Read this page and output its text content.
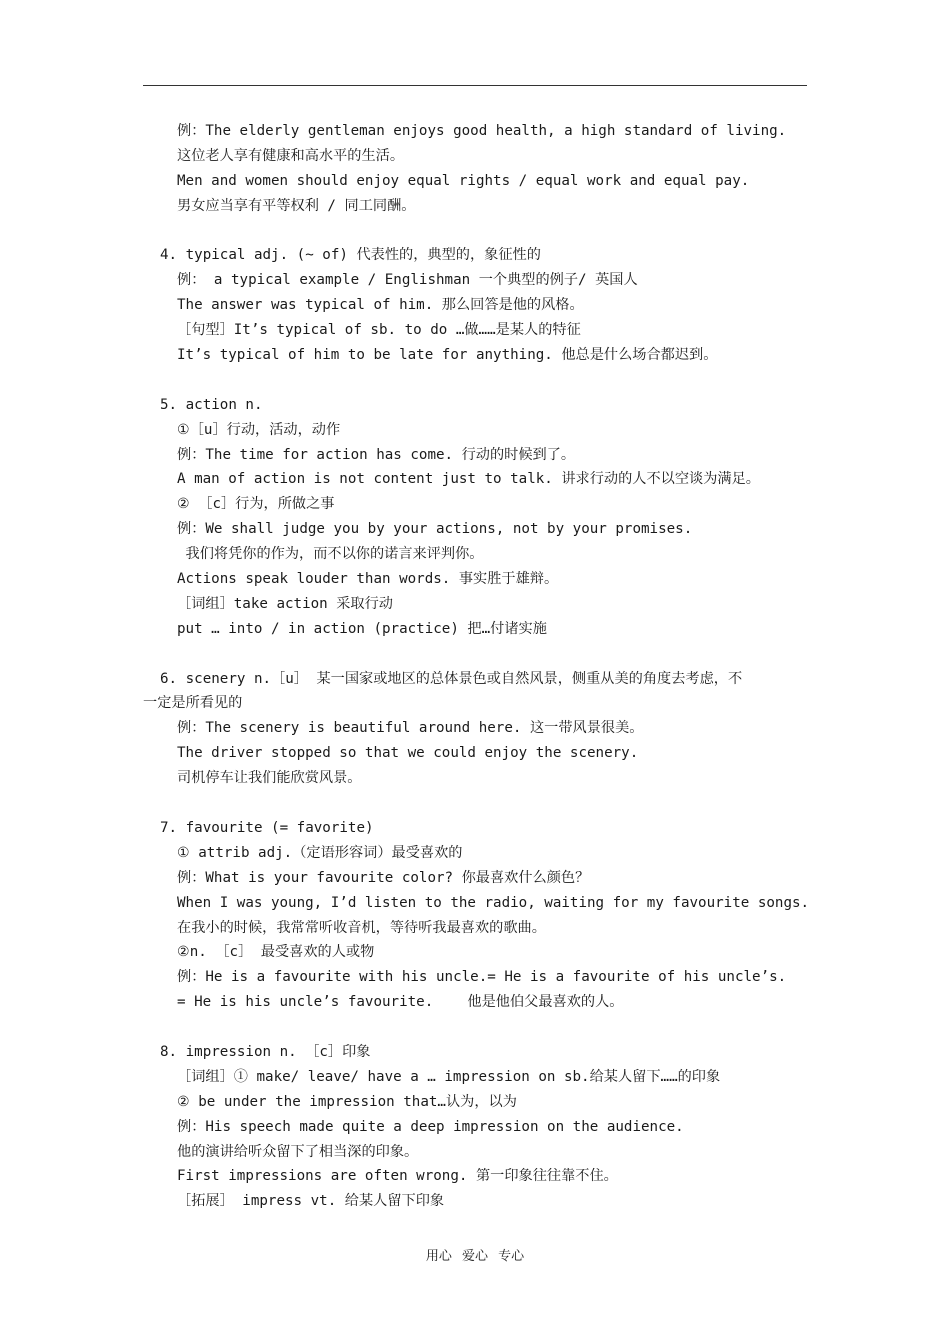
例：The elderly gentleman enjoys good health, a high standard of living.
这位老人享有健康和高水平的生活。
Men and women should enjoy equal rights / equal work and equal pay.
男女应当享有平等权利 / 同工同酬。
4. typical adj. (~ of) 代表性的，典型的，象征性的
例： a typical example / Englishman 一个典型的例子/ 英国人
The answer was typical of him. 那么回答是他的风格。
［句型］It’s typical of sb. to do …做……是某人的特征
It’s typical of him to be late for anything. 他总是什么场合都迟到。
5. action n.
①［u］行动，活动，动作
例：The time for action has come. 行动的时候到了。
A man of action is not content just to talk. 讲求行动的人不以空谈为满足。
② ［c］行为，所做之事
例：We shall judge you by your actions, not by your promises.
我们将凭你的作为，而不以你的诺言来评判你。
Actions speak louder than words. 事实胜于雄辩。
［词组］take action 采取行动
put … into / in action (practice) 把…付诸实施
6. scenery n.［u］ 某一国家或地区的总体景色或自然风景，侧重从美的角度去考虑，不
一定是所看见的
例：The scenery is beautiful around here. 这一带风景很美。
The driver stopped so that we could enjoy the scenery.
司机停车让我们能欣赏风景。
7. favourite (= favorite)
① attrib adj.（定语形容词）最受喜欢的
例：What is your favourite color? 你最喜欢什么颜色？
When I was young, I’d listen to the radio, waiting for my favourite songs.
在我小的时候，我常常听收音机，等待听我最喜欢的歌曲。
②n. ［c］ 最受喜欢的人或物
例：He is a favourite with his uncle.= He is a favourite of his uncle’s.
= He is his uncle’s favourite.    他是他伯父最喜欢的人。
8. impression n. ［c］印象
［词组］① make/ leave/ have a … impression on sb.给某人留下……的印象
② be under the impression that…认为，以为
例：His speech made quite a deep impression on the audience.
他的演讲给听众留下了相当深的印象。
First impressions are often wrong. 第一印象往往靠不住。
［拓展］ impress vt. 给某人留下印象
用心 爱心 专心
